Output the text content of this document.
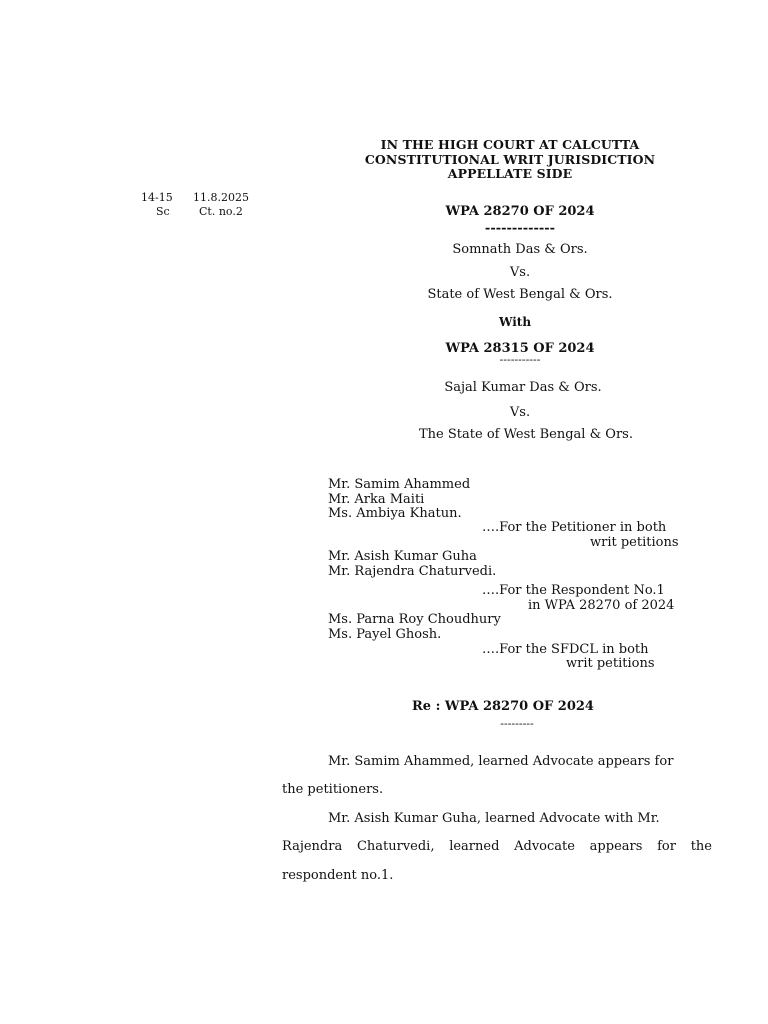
IN THE HIGH COURT AT CALCUTTA
CONSTITUTIONAL WRIT JURISDICTION
APPELLATE SIDE
14-15 11.8.2025
Sc	Ct. no.2	WPA 28270 OF 2024
-------------
Somnath Das & Ors.
Vs.
State of West Bengal & Ors.
With
WPA 28315 OF 2024
-----------
Sajal Kumar Das & Ors.
Vs.
The State of West Bengal & Ors.
Mr. Samim Ahammed
Mr. Arka Maiti
Ms. Ambiya Khatun.
….For the Petitioner in both
writ petitions
Mr. Asish Kumar Guha
Mr. Rajendra Chaturvedi.
….For the Respondent No.1
in WPA 28270 of 2024
Ms. Parna Roy Choudhury
Ms. Payel Ghosh.
….For the SFDCL in both
writ petitions
Re : WPA 28270 OF 2024
---------
Mr. Samim Ahammed, learned Advocate appears for
the petitioners.
Mr. Asish Kumar Guha, learned Advocate with Mr.
Rajendra Chaturvedi, learned Advocate appears for the
respondent no.1.
